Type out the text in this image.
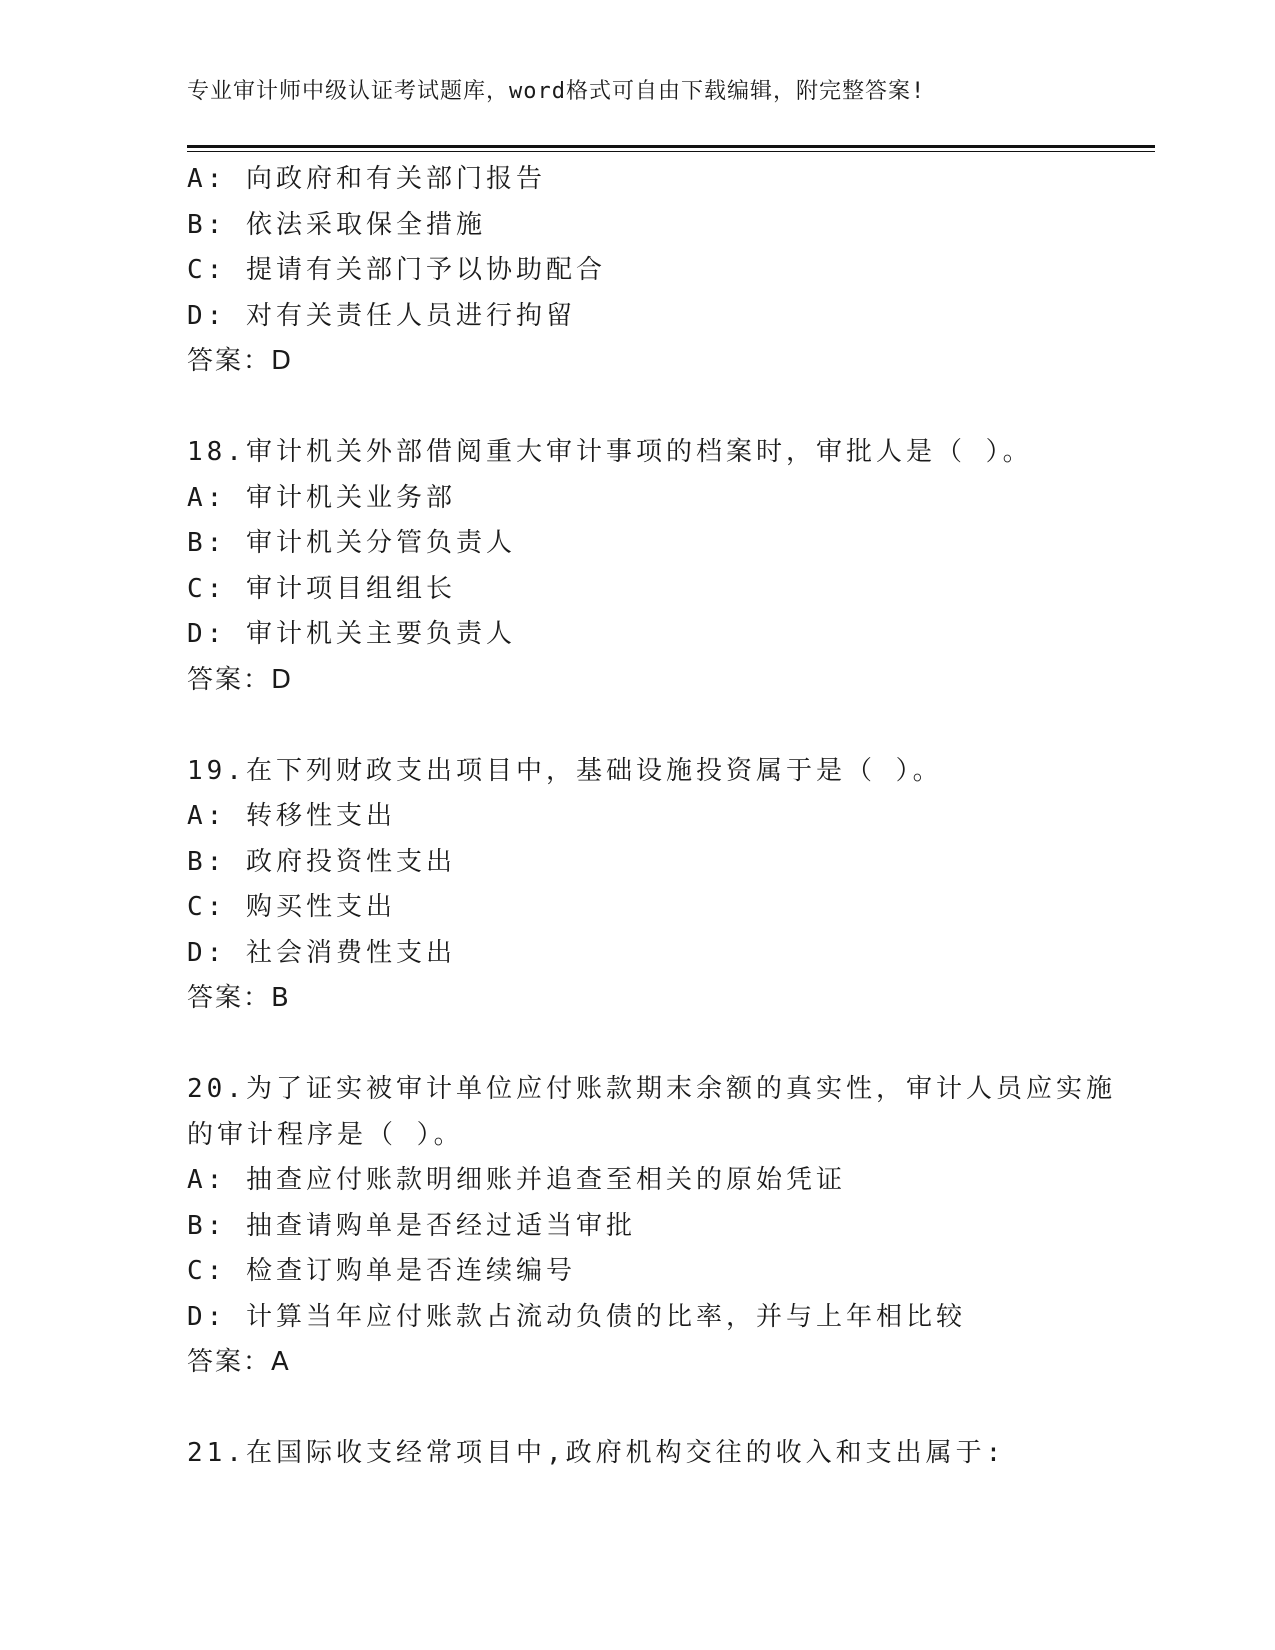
专业审计师中级认证考试题库，word格式可自由下载编辑，附完整答案!
A: 向政府和有关部门报告
B: 依法采取保全措施
C: 提请有关部门予以协助配合
D: 对有关责任人员进行拘留
答案：D
18.审计机关外部借阅重大审计事项的档案时，审批人是（ ）。
A: 审计机关业务部
B: 审计机关分管负责人
C: 审计项目组组长
D: 审计机关主要负责人
答案：D
19.在下列财政支出项目中，基础设施投资属于是（ ）。
A: 转移性支出
B: 政府投资性支出
C: 购买性支出
D: 社会消费性支出
答案：B
20.为了证实被审计单位应付账款期末余额的真实性，审计人员应实施
的审计程序是（ ）。
A: 抽查应付账款明细账并追查至相关的原始凭证
B: 抽查请购单是否经过适当审批
C: 检查订购单是否连续编号
D: 计算当年应付账款占流动负债的比率，并与上年相比较
答案：A
21.在国际收支经常项目中,政府机构交往的收入和支出属于:
